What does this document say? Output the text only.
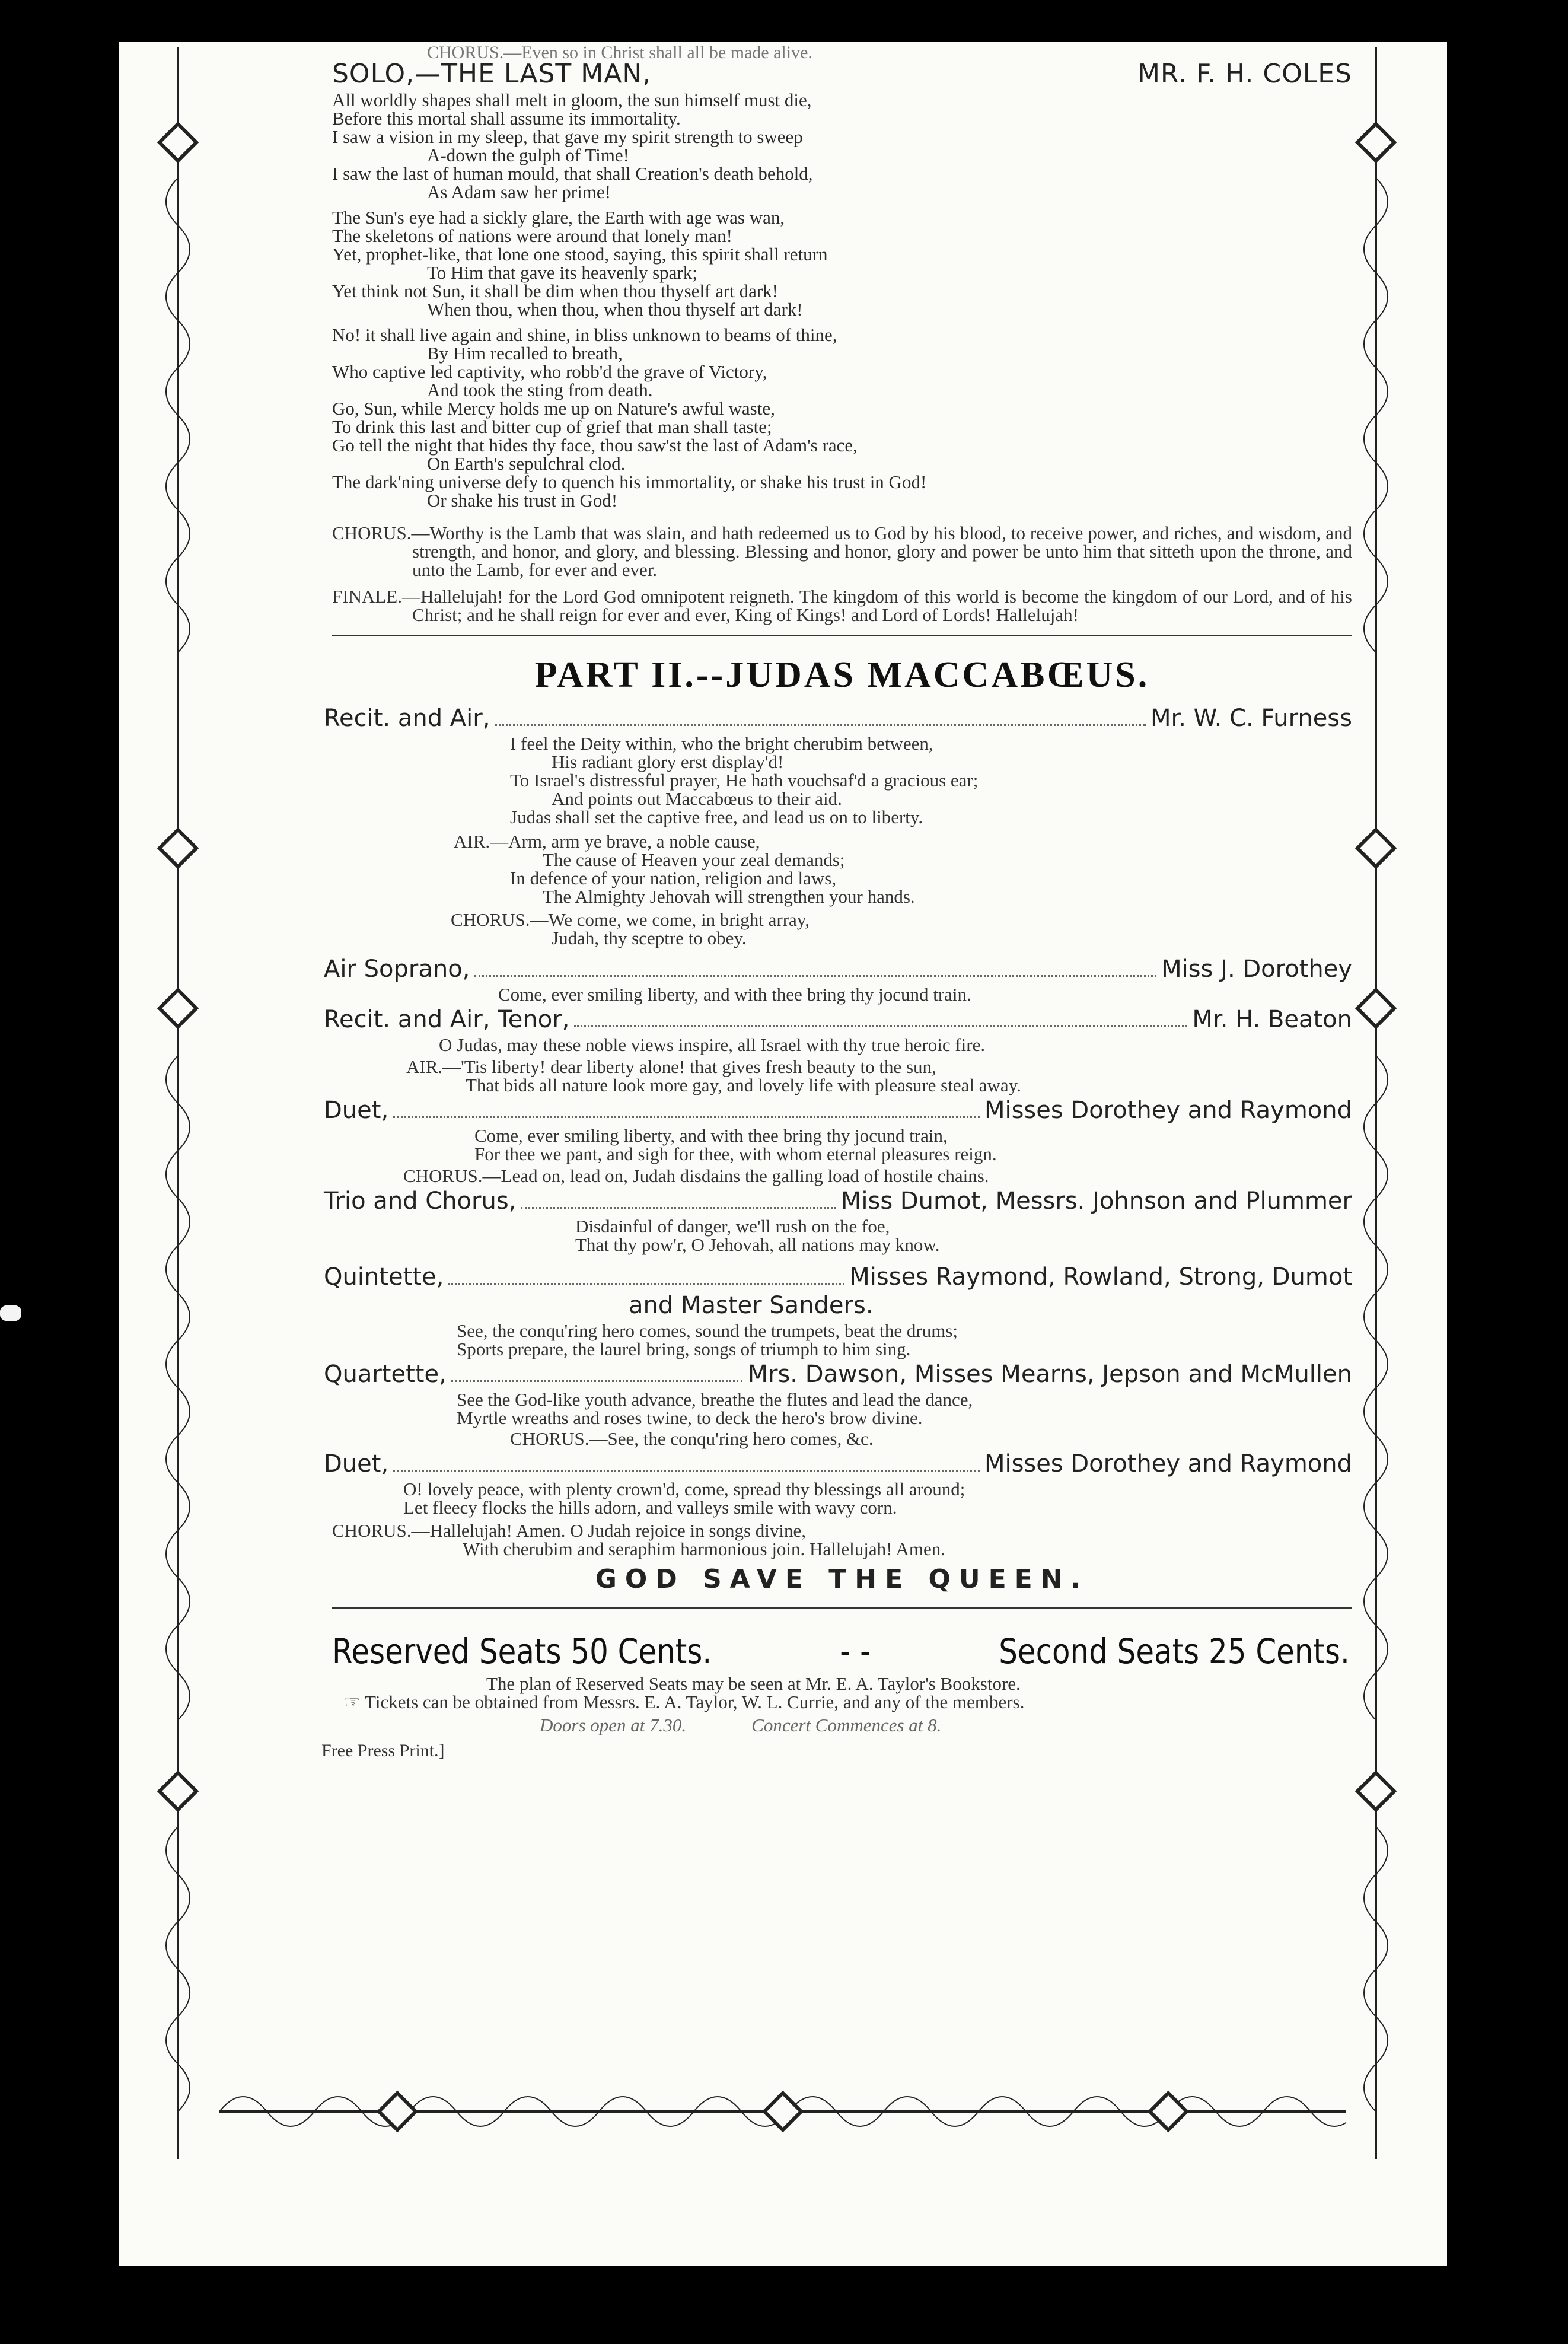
CHORUS.—Even so in Christ shall all be made alive.
SOLO,—THE LAST MAN,	MR. F. H. COLES
All worldly shapes shall melt in gloom, the sun himself must die,
Before this mortal shall assume its immortality.
I saw a vision in my sleep, that gave my spirit strength to sweep
A-down the gulph of Time!
I saw the last of human mould, that shall Creation's death behold,
As Adam saw her prime!
The Sun's eye had a sickly glare, the Earth with age was wan,
The skeletons of nations were around that lonely man!
Yet, prophet-like, that lone one stood, saying, this spirit shall return
To Him that gave its heavenly spark;
Yet think not Sun, it shall be dim when thou thyself art dark!
When thou, when thou, when thou thyself art dark!
No! it shall live again and shine, in bliss unknown to beams of thine,
By Him recalled to breath,
Who captive led captivity, who robb'd the grave of Victory,
And took the sting from death.
Go, Sun, while Mercy holds me up on Nature's awful waste,
To drink this last and bitter cup of grief that man shall taste;
Go tell the night that hides thy face, thou saw'st the last of Adam's race,
On Earth's sepulchral clod.
The dark'ning universe defy to quench his immortality, or shake his trust in God!
Or shake his trust in God!
CHORUS.—Worthy is the Lamb that was slain, and hath redeemed us to God by his blood, to receive power, and riches, and wisdom, and strength, and honor, and glory, and blessing. Blessing and honor, glory and power be unto him that sitteth upon the throne, and unto the Lamb, for ever and ever.
FINALE.—Hallelujah! for the Lord God omnipotent reigneth. The kingdom of this world is become the kingdom of our Lord, and of his Christ; and he shall reign for ever and ever, King of Kings! and Lord of Lords! Hallelujah!
PART II.--JUDAS MACCABŒUS.
Recit. and Air,	Mr. W. C. Furness
I feel the Deity within, who the bright cherubim between,
His radiant glory erst display'd!
To Israel's distressful prayer, He hath vouchsaf'd a gracious ear;
And points out Maccabœus to their aid.
Judas shall set the captive free, and lead us on to liberty.
AIR.—Arm, arm ye brave, a noble cause,
The cause of Heaven your zeal demands;
In defence of your nation, religion and laws,
The Almighty Jehovah will strengthen your hands.
CHORUS.—We come, we come, in bright array,
Judah, thy sceptre to obey.
Air Soprano,	Miss J. Dorothey
Come, ever smiling liberty, and with thee bring thy jocund train.
Recit. and Air, Tenor,	Mr. H. Beaton
O Judas, may these noble views inspire, all Israel with thy true heroic fire.
AIR.—'Tis liberty! dear liberty alone! that gives fresh beauty to the sun,
That bids all nature look more gay, and lovely life with pleasure steal away.
Duet,	Misses Dorothey and Raymond
Come, ever smiling liberty, and with thee bring thy jocund train,
For thee we pant, and sigh for thee, with whom eternal pleasures reign.
CHORUS.—Lead on, lead on, Judah disdains the galling load of hostile chains.
Trio and Chorus,	Miss Dumot, Messrs. Johnson and Plummer
Disdainful of danger, we'll rush on the foe,
That thy pow'r, O Jehovah, all nations may know.
Quintette,	Misses Raymond, Rowland, Strong, Dumot
and Master Sanders.
See, the conqu'ring hero comes, sound the trumpets, beat the drums;
Sports prepare, the laurel bring, songs of triumph to him sing.
Quartette,	Mrs. Dawson, Misses Mearns, Jepson and McMullen
See the God-like youth advance, breathe the flutes and lead the dance,
Myrtle wreaths and roses twine, to deck the hero's brow divine.
CHORUS.—See, the conqu'ring hero comes, &c.
Duet,	Misses Dorothey and Raymond
O! lovely peace, with plenty crown'd, come, spread thy blessings all around;
Let fleecy flocks the hills adorn, and valleys smile with wavy corn.
CHORUS.—Hallelujah! Amen. O Judah rejoice in songs divine,
With cherubim and seraphim harmonious join. Hallelujah! Amen.
GOD SAVE THE QUEEN.
Reserved Seats 50 Cents.	- -	Second Seats 25 Cents.
The plan of Reserved Seats may be seen at Mr. E. A. Taylor's Bookstore.
☞ Tickets can be obtained from Messrs. E. A. Taylor, W. L. Currie, and any of the members.
Doors open at 7.30.	Concert Commences at 8.
Free Press Print.]
